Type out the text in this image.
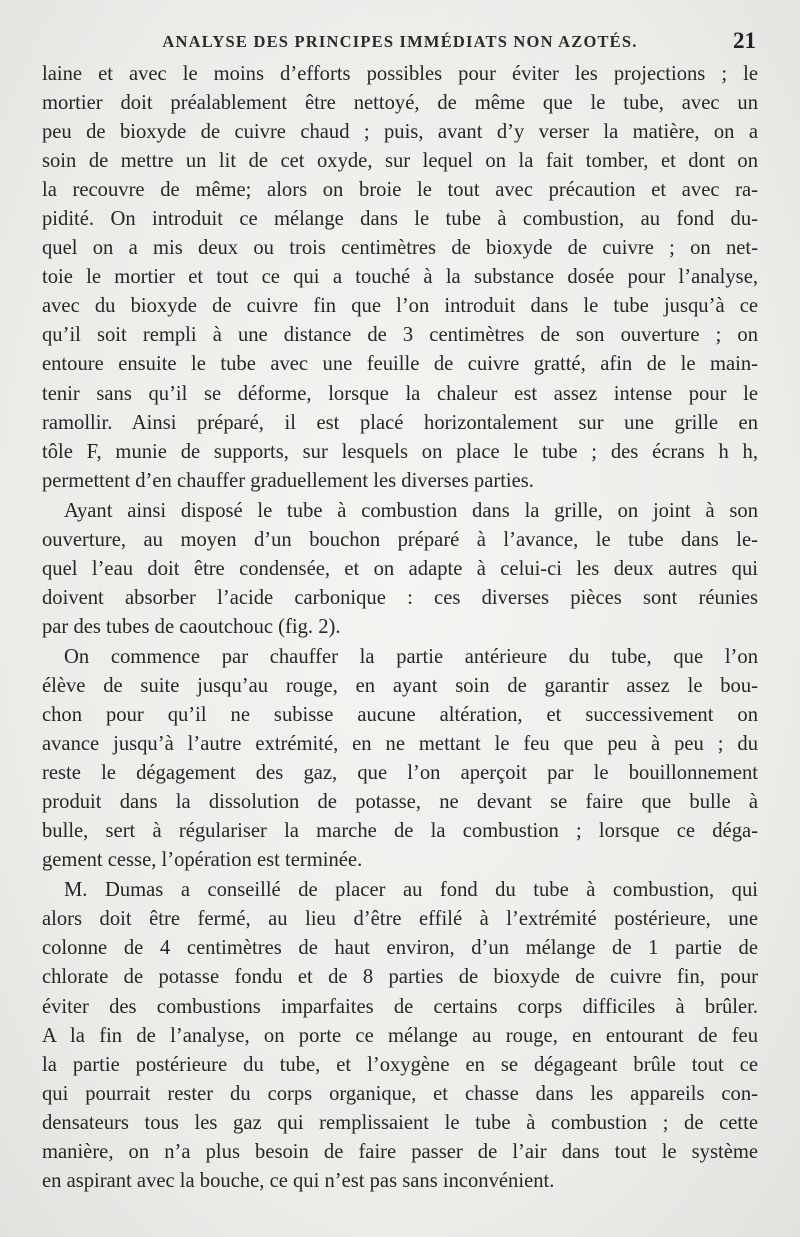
ANALYSE DES PRINCIPES IMMÉDIATS NON AZOTÉS.	21
laine et avec le moins d’efforts possibles pour éviter les projections ; le
mortier doit préalablement être nettoyé, de même que le tube, avec un
peu de bioxyde de cuivre chaud ; puis, avant d’y verser la matière, on a
soin de mettre un lit de cet oxyde, sur lequel on la fait tomber, et dont on
la recouvre de même; alors on broie le tout avec précaution et avec ra-
pidité. On introduit ce mélange dans le tube à combustion, au fond du-
quel on a mis deux ou trois centimètres de bioxyde de cuivre ; on net-
toie le mortier et tout ce qui a touché à la substance dosée pour l’analyse,
avec du bioxyde de cuivre fin que l’on introduit dans le tube jusqu’à ce
qu’il soit rempli à une distance de 3 centimètres de son ouverture ; on
entoure ensuite le tube avec une feuille de cuivre gratté, afin de le main-
tenir sans qu’il se déforme, lorsque la chaleur est assez intense pour le
ramollir. Ainsi préparé, il est placé horizontalement sur une grille en
tôle F, munie de supports, sur lesquels on place le tube ; des écrans h h,
permettent d’en chauffer graduellement les diverses parties.
Ayant ainsi disposé le tube à combustion dans la grille, on joint à son
ouverture, au moyen d’un bouchon préparé à l’avance, le tube dans le-
quel l’eau doit être condensée, et on adapte à celui-ci les deux autres qui
doivent absorber l’acide carbonique : ces diverses pièces sont réunies
par des tubes de caoutchouc (fig. 2).
On commence par chauffer la partie antérieure du tube, que l’on
élève de suite jusqu’au rouge, en ayant soin de garantir assez le bou-
chon pour qu’il ne subisse aucune altération, et successivement on
avance jusqu’à l’autre extrémité, en ne mettant le feu que peu à peu ; du
reste le dégagement des gaz, que l’on aperçoit par le bouillonnement
produit dans la dissolution de potasse, ne devant se faire que bulle à
bulle, sert à régulariser la marche de la combustion ; lorsque ce déga-
gement cesse, l’opération est terminée.
M. Dumas a conseillé de placer au fond du tube à combustion, qui
alors doit être fermé, au lieu d’être effilé à l’extrémité postérieure, une
colonne de 4 centimètres de haut environ, d’un mélange de 1 partie de
chlorate de potasse fondu et de 8 parties de bioxyde de cuivre fin, pour
éviter des combustions imparfaites de certains corps difficiles à brûler.
A la fin de l’analyse, on porte ce mélange au rouge, en entourant de feu
la partie postérieure du tube, et l’oxygène en se dégageant brûle tout ce
qui pourrait rester du corps organique, et chasse dans les appareils con-
densateurs tous les gaz qui remplissaient le tube à combustion ; de cette
manière, on n’a plus besoin de faire passer de l’air dans tout le système
en aspirant avec la bouche, ce qui n’est pas sans inconvénient.
